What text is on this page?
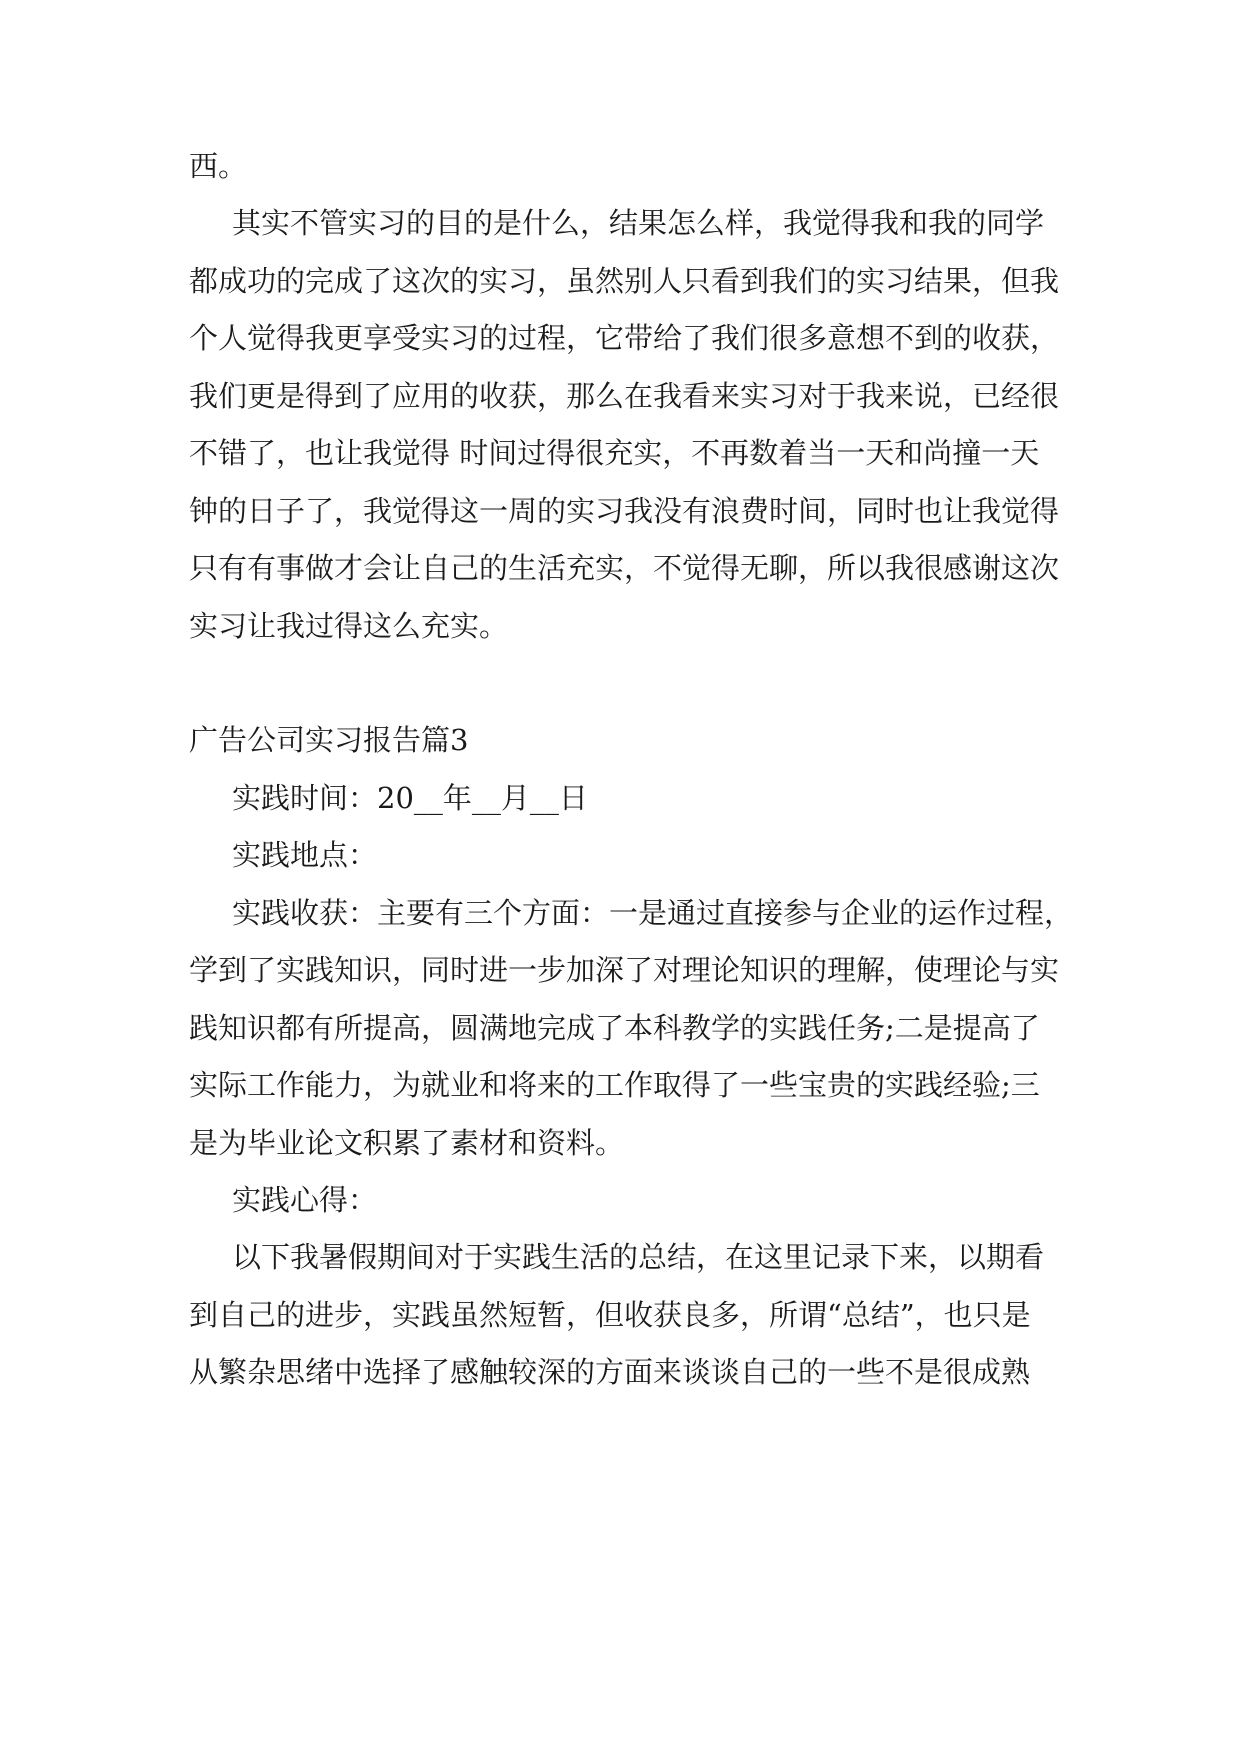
西。
其实不管实习的目的是什么，结果怎么样，我觉得我和我的同学
都成功的完成了这次的实习，虽然别人只看到我们的实习结果，但我
个人觉得我更享受实习的过程，它带给了我们很多意想不到的收获，
我们更是得到了应用的收获，那么在我看来实习对于我来说，已经很
不错了，也让我觉得 时间过得很充实，不再数着当一天和尚撞一天
钟的日子了，我觉得这一周的实习我没有浪费时间，同时也让我觉得
只有有事做才会让自己的生活充实，不觉得无聊，所以我很感谢这次
实习让我过得这么充实。
广告公司实习报告篇3
实践时间：20__年__月__日
实践地点：
实践收获：主要有三个方面：一是通过直接参与企业的运作过程，
学到了实践知识，同时进一步加深了对理论知识的理解，使理论与实
践知识都有所提高，圆满地完成了本科教学的实践任务;二是提高了
实际工作能力，为就业和将来的工作取得了一些宝贵的实践经验;三
是为毕业论文积累了素材和资料。
实践心得：
以下我暑假期间对于实践生活的总结，在这里记录下来，以期看
到自己的进步，实践虽然短暂，但收获良多，所谓“总结”，也只是
从繁杂思绪中选择了感触较深的方面来谈谈自己的一些不是很成熟
